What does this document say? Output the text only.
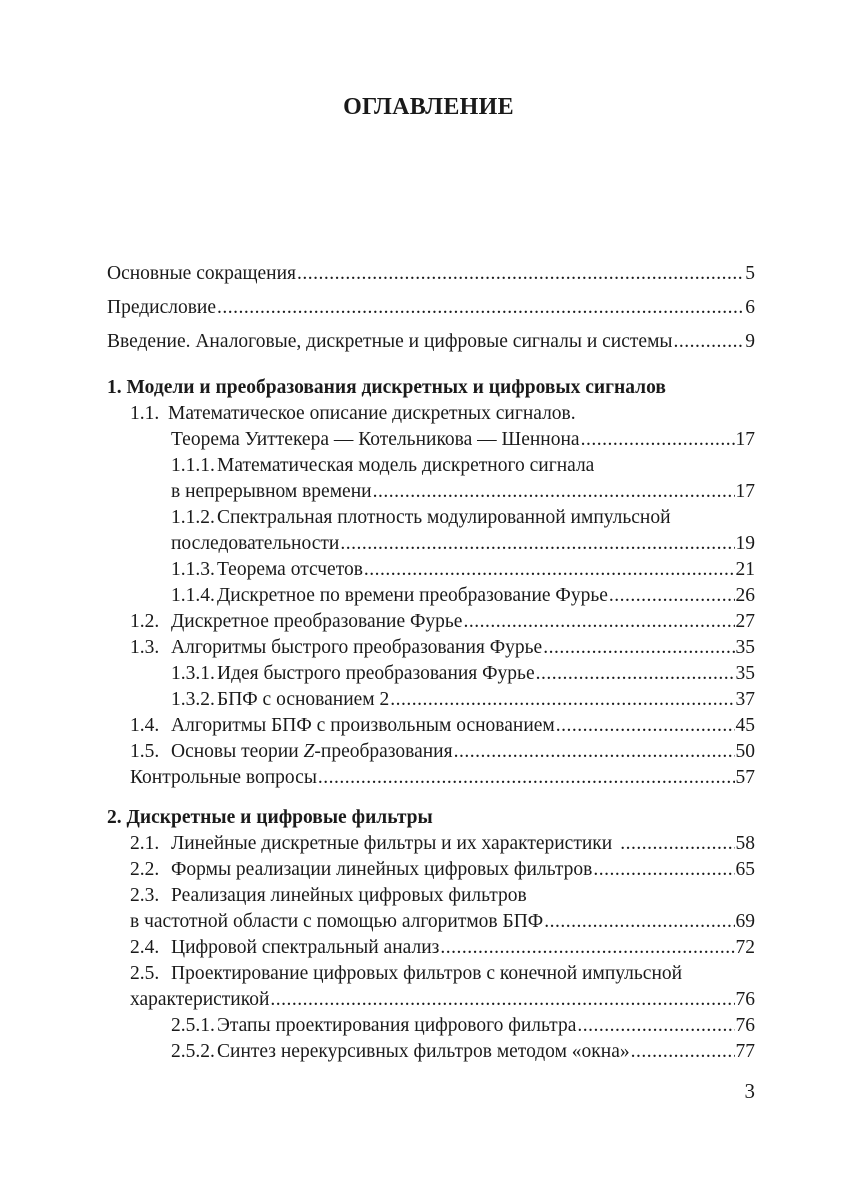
ОГЛАВЛЕНИЕ
Основные сокращения .....	5
Предисловие .....	6
Введение. Аналоговые, дискретные и цифровые сигналы и системы .....	9
1. Модели и преобразования дискретных и цифровых сигналов
1.1. Математическое описание дискретных сигналов.
Теорема Уиттекера — Котельникова — Шеннона .....	17
1.1.1. Математическая модель дискретного сигнала
в непрерывном времени .....	17
1.1.2. Спектральная плотность модулированной импульсной
последовательности .....	19
1.1.3. Теорема отсчетов .....	21
1.1.4. Дискретное по времени преобразование Фурье .....	26
1.2. Дискретное преобразование Фурье .....	27
1.3. Алгоритмы быстрого преобразования Фурье .....	35
1.3.1. Идея быстрого преобразования Фурье .....	35
1.3.2. БПФ с основанием 2 .....	37
1.4. Алгоритмы БПФ с произвольным основанием .....	45
1.5. Основы теории Z-преобразования .....	50
Контрольные вопросы .....	57
2. Дискретные и цифровые фильтры
2.1. Линейные дискретные фильтры и их характеристики .....	58
2.2. Формы реализации линейных цифровых фильтров .....	65
2.3. Реализация линейных цифровых фильтров
в частотной области с помощью алгоритмов БПФ .....	69
2.4. Цифровой спектральный анализ .....	72
2.5. Проектирование цифровых фильтров с конечной импульсной
характеристикой .....	76
2.5.1. Этапы проектирования цифрового фильтра .....	76
2.5.2. Синтез нерекурсивных фильтров методом «окна» .....	77
3
